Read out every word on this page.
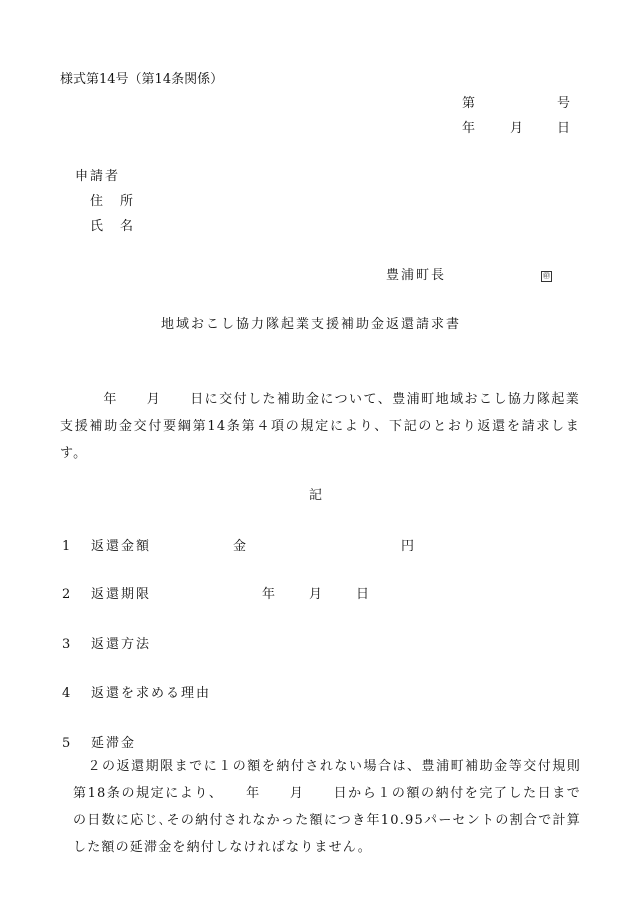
様式第14号（第14条関係）
第	号
年	月	日
申請者
住　所
氏　名
豊浦町長	㊞
地域おこし協力隊起業支援補助金返還請求書
　　　年　　月　　日に交付した補助金について、豊浦町地域おこし協力隊起業支援補助金交付要綱第14条第４項の規定により、下記のとおり返還を請求します。
記
1 返還金額	金	円
2 返還期限	年	月	日
3 返還方法
4 返還を求める理由
5 延滞金
　２の返還期限までに１の額を納付されない場合は、豊浦町補助金等交付規則第18条の規定により、　　年　　月　　日から１の額の納付を完了した日までの日数に応じ､その納付されなかった額につき年10.95パーセントの割合で計算した額の延滞金を納付しなければなりません。
